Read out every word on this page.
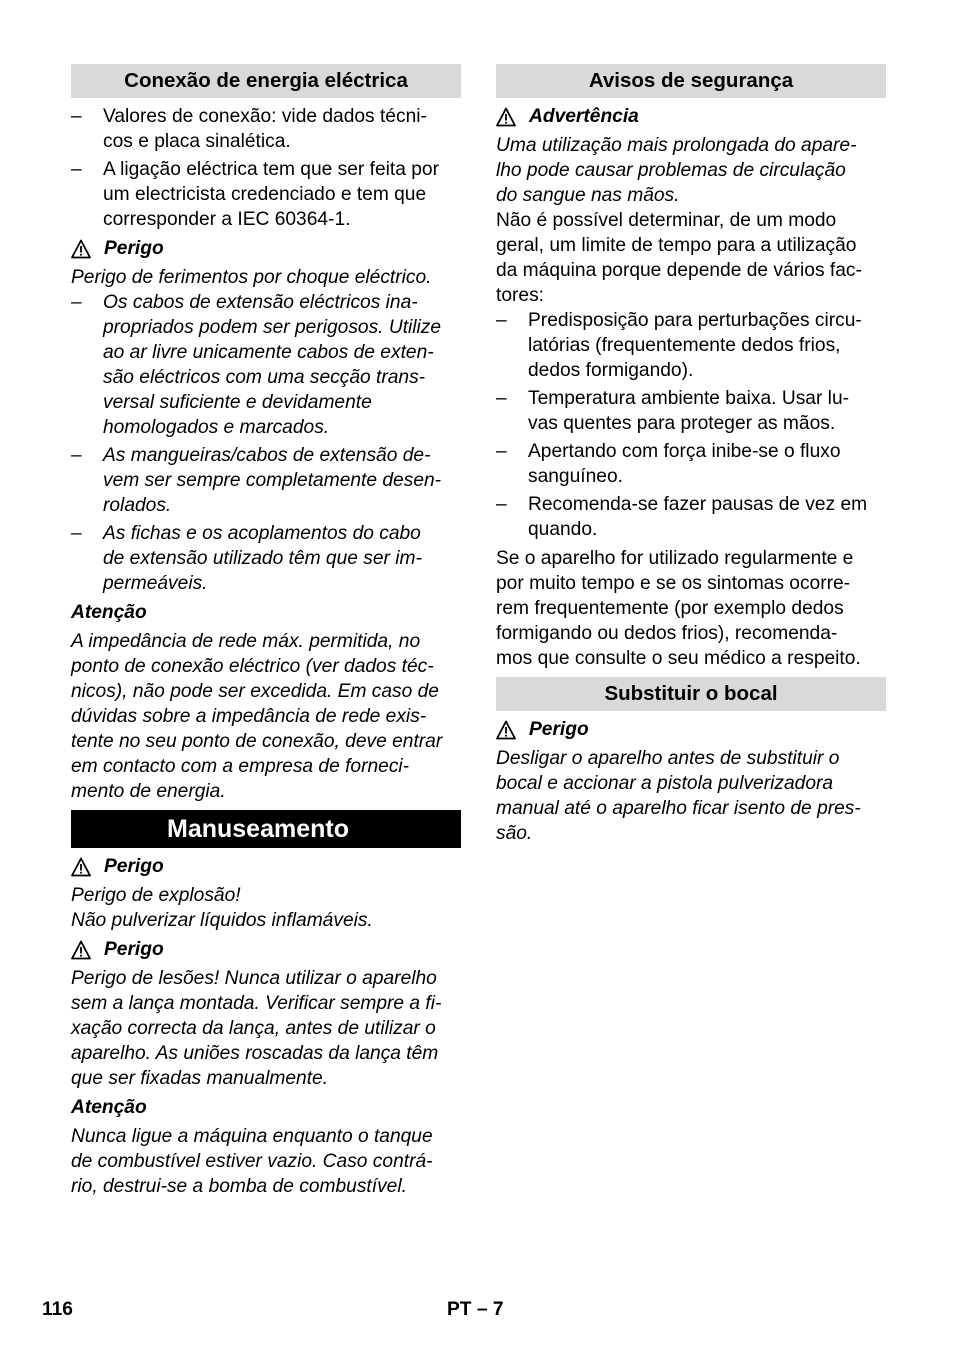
Conexão de energia eléctrica
– Valores de conexão: vide dados técni-
cos e placa sinalética.
– A ligação eléctrica tem que ser feita por
um electricista credenciado e tem que
corresponder a IEC 60364-1.
Perigo

Perigo de ferimentos por choque eléctrico.

– Os cabos de extensão eléctricos ina-
propriados podem ser perigosos. Utilize
ao ar livre unicamente cabos de exten-
são eléctricos com uma secção trans-
versal suficiente e devidamente
homologados e marcados.
– As mangueiras/cabos de extensão de-
vem ser sempre completamente desen-
rolados.
– As fichas e os acoplamentos do cabo
de extensão utilizado têm que ser im-
permeáveis.
Atenção

A impedância de rede máx. permitida, no
ponto de conexão eléctrico (ver dados téc-
nicos), não pode ser excedida. Em caso de
dúvidas sobre a impedância de rede exis-
tente no seu ponto de conexão, deve entrar
em contacto com a empresa de forneci-
mento de energia.

Manuseamento
Perigo

Perigo de explosão!
Não pulverizar líquidos inflamáveis.

Perigo

Perigo de lesões! Nunca utilizar o aparelho
sem a lança montada. Verificar sempre a fi-
xação correcta da lança, antes de utilizar o
aparelho. As uniões roscadas da lança têm
que ser fixadas manualmente.

Atenção

Nunca ligue a máquina enquanto o tanque
de combustível estiver vazio. Caso contrá-
rio, destrui-se a bomba de combustível.

Avisos de segurança
Advertência

Uma utilização mais prolongada do apare-
lho pode causar problemas de circulação
do sangue nas mãos.

Não é possível determinar, de um modo
geral, um limite de tempo para a utilização
da máquina porque depende de vários fac-
tores:

– Predisposição para perturbações circu-
latórias (frequentemente dedos frios,
dedos formigando).
– Temperatura ambiente baixa. Usar lu-
vas quentes para proteger as mãos.
– Apertando com força inibe-se o fluxo
sanguíneo.
– Recomenda-se fazer pausas de vez em
quando.

Se o aparelho for utilizado regularmente e
por muito tempo e se os sintomas ocorre-
rem frequentemente (por exemplo dedos
formigando ou dedos frios), recomenda-
mos que consulte o seu médico a respeito.

Substituir o bocal
Perigo

Desligar o aparelho antes de substituir o
bocal e accionar a pistola pulverizadora
manual até o aparelho ficar isento de pres-
são.

116	PT – 7
